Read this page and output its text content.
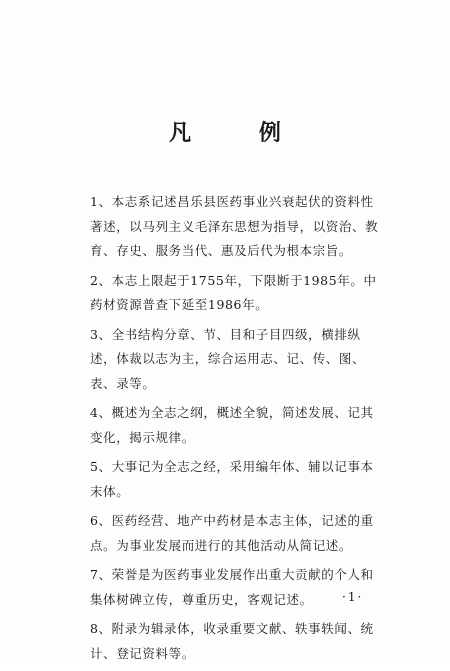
凡 例

1、本志系记述昌乐县医药事业兴衰起伏的资料性著述，以马列主义毛泽东思想为指导，以资治、教育、存史、服务当代、惠及后代为根本宗旨。

2、本志上限起于1755年，下限断于1985年。中药材资源普查下延至1986年。

3、全书结构分章、节、目和子目四级，横排纵述，体裁以志为主，综合运用志、记、传、图、表、录等。

4、概述为全志之纲，概述全貌，简述发展、记其变化，揭示规律。

5、大事记为全志之经，采用编年体、辅以记事本末体。

6、医药经营、地产中药材是本志主体，记述的重点。为事业发展而进行的其他活动从简记述。

7、荣誉是为医药事业发展作出重大贡献的个人和集体树碑立传，尊重历史，客观记述。

8、附录为辑录体，收录重要文献、轶事轶闻、统计、登记资料等。

·1·
